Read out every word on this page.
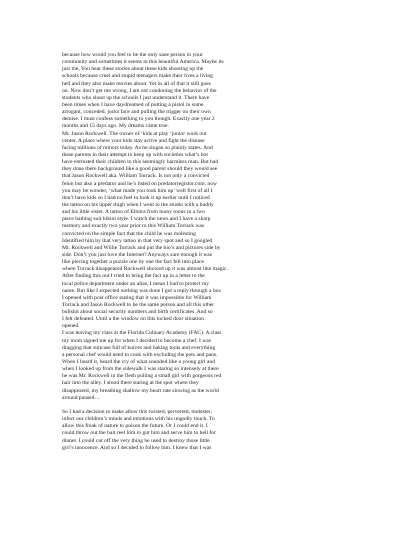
because how would you feel to be the only sane person in your
community and sometimes it seems in this beautiful America. Maybe its
just me, You hear these stories about these kids shooting up the
schools because cruel and stupid teenagers make their lives a living
hell and they also make movies about. Yet in all of that it still goes
on. Now don’t get me wrong, I am not condoning the behavior of the
students who shoot up the schools I just understand it. There have
been times when I have daydreamed of putting a pistol in some
arrogant, conceded, jocks face and pulling the trigger on their own
demise. I must confess something to you though. Exactly one year 2
months and 15 days ago. My dreams came true.
Mr. Jason Rockwell. The owner of ‘kids at play ‘junior work out
center. A place where your kids stay active and fight the disease
facing millions of minors today. As he slogan so plainly states. And
these parents in their attempt to keep up with societies what’s hot
have entrusted their children to this seemingly harmless man. But had
they done there background like a good parent should they would see
that Jason Rockwell aka. William Torrack. Is not only a convicted
felon but also a predator and he’s listed on predatorregistor.com. now
you may be wonder, ‘what made you look him up’ well first of all I
don’t have kids so I had no fuel to look it up earlier until I noticed
the tattoo on his upper thigh when I went to the studio with a buddy
and his little sister. A tattoo of Elmira from loony toons in a two
piece bathing suit bikini style. I watch the news and I have a sharp
memory and exactly two year prior to this William Torrack was
convicted on the simple fact that the child he was molesting
Identified him by that very tattoo in that very spot and so I googled
Mr. Rockwell and Willie Torrack and put the bio’s and pictures side by
side. Don’t you just love the Internet? Anyways sure enough it was
like piecing together a puzzle one by one the fact fell into place
where Torrack disappeared Rockwell showed up it was almost like magic.
After finding this out I tried to bring the fact up in a letter to the
local police department under an alias, I mean I had to protect my
name. But like I expected nothing was done I got a reply through a box
I opened with post office stating that it was impossible for William
Torrack and Jason Rockwell to be the same person and all this other
bullshit about social security numbers and birth certificates. And so
I felt defeated. Until a the window on this locked door situation
opened.
I was leaving my class at the Florida Culinary Academy (FAC). A class
my mom signed me up for when I decided to become a chef. I was
dragging that suitcase full of knives and baking tools and everything
a personal chef would need to cook with excluding the pots and pans.
When I heard it, heard the cry of what sounded like a young girl and
when I looked up from the sidewalk I was staring so intensely at there
he was Mr. Rockwell in the flesh pulling a small girl with gorgeous red
hair into the alley. I stood there staring at the spot where they
disappeared, my breathing shallow my heart rate slowing as the world
around paused…
So I had a decision to make allow this twisted, perverted, molester,
infect our children’s minds and emotions with his ungodly touch. To
allow this freak of nature to poison the future. Or I could end it. I
could throw out the bait reel him in gut him and serve him to hell for
dinner. I could cut off the very thing he used to destroy those little
girl’s innocence. And so I decided to follow him. I knew that I was
